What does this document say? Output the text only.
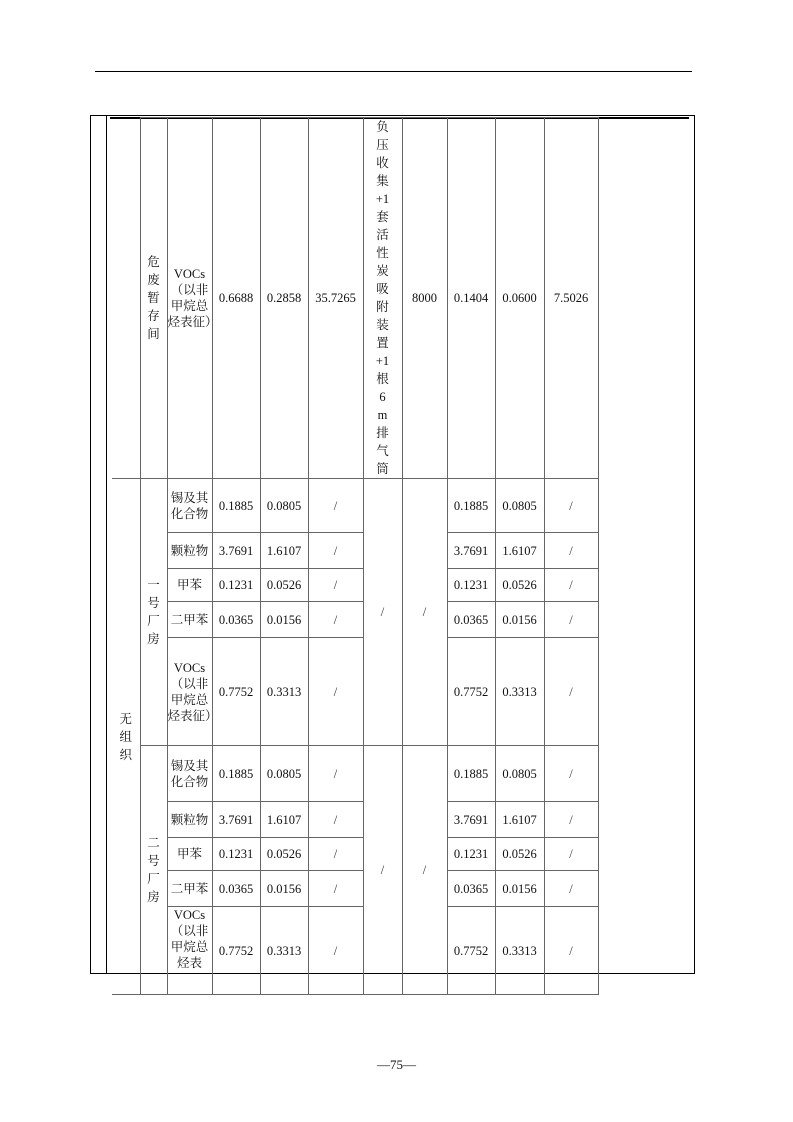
	危废暂存间	VOCs（以非甲烷总烃表征）	0.6688	0.2858	35.7265	负压收集+1套活性炭吸附装置+1根6m排气筒	8000	0.1404	0.0600	7.5026

无组织	一号厂房	锡及其化合物	0.1885	0.0805	/	/	/	0.1885	0.0805	/
		颗粒物	3.7691	1.6107	/			3.7691	1.6107	/
		甲苯	0.1231	0.0526	/			0.1231	0.0526	/
		二甲苯	0.0365	0.0156	/			0.0365	0.0156	/
		VOCs（以非甲烷总烃表征）	0.7752	0.3313	/			0.7752	0.3313	/

	二号厂房	锡及其化合物	0.1885	0.0805	/	/	/	0.1885	0.0805	/
		颗粒物	3.7691	1.6107	/			3.7691	1.6107	/
		甲苯	0.1231	0.0526	/			0.1231	0.0526	/
		二甲苯	0.0365	0.0156	/			0.0365	0.0156	/
		VOCs（以非甲烷总烃表	0.7752	0.3313	/			0.7752	0.3313	/
—75—
